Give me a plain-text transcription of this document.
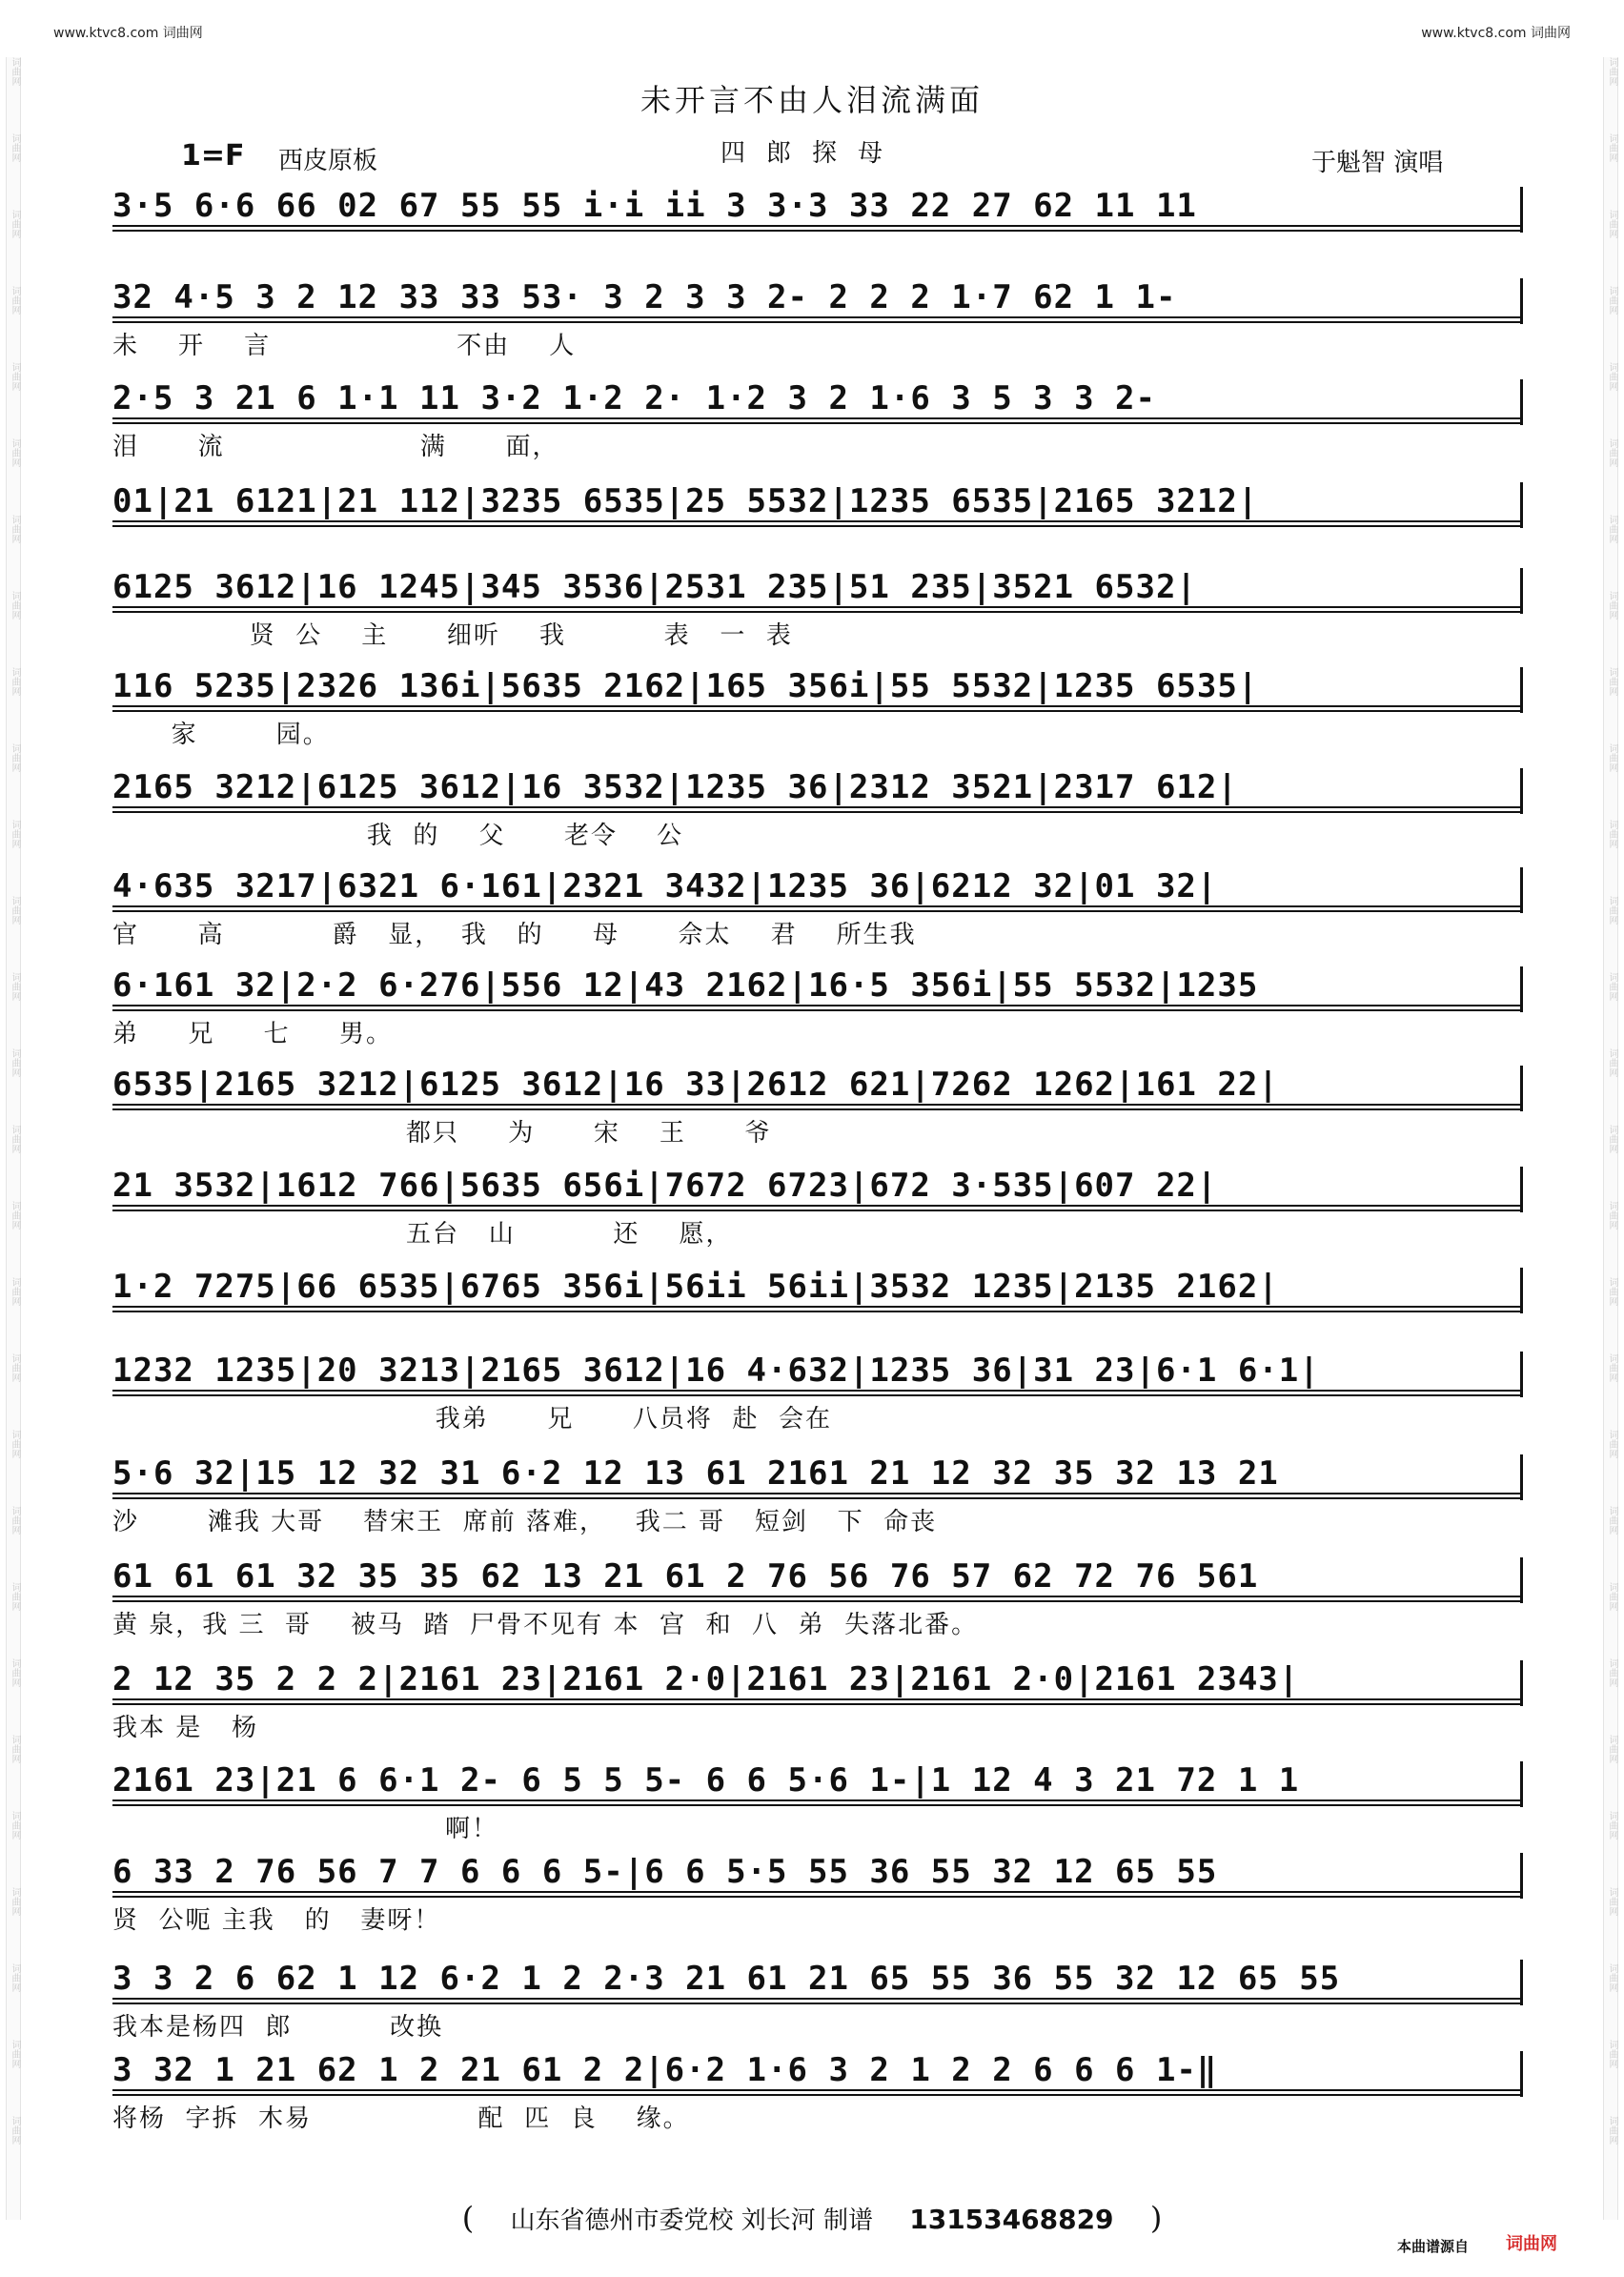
词曲网
词曲网
词曲网
词曲网
词曲网
词曲网
词曲网
词曲网
词曲网
词曲网
词曲网
词曲网
词曲网
词曲网
词曲网
词曲网
词曲网
词曲网
词曲网
词曲网
词曲网
词曲网
词曲网
词曲网
词曲网
词曲网
词曲网
词曲网
词曲网
词曲网
词曲网
词曲网
词曲网
词曲网
词曲网
词曲网
词曲网
词曲网
词曲网
词曲网
词曲网
词曲网
词曲网
词曲网
词曲网
词曲网
词曲网
词曲网
词曲网
词曲网
词曲网
词曲网
词曲网
词曲网
词曲网
词曲网
www.ktvc8.com 词曲网	www.ktvc8.com 词曲网
未开言不由人泪流满面
1=F 西皮原板	四郎探母	于魁智 演唱
3·5 6·6 66 02 67 55 55 i·i ii 3 3·3 33 22 27 62 11 11
32 4·5 3 2 12 33 33 53· 3 2 3 3 2- 2 2 2 1·7 62 1 1-
未    开    言                   不由    人
2·5 3 21 6 1·1 11 3·2 1·2 2· 1·2 3 2 1·6 3 5 3 3 2-
泪      流                    满      面，
01|21 6121|21 112|3235 6535|25 5532|1235 6535|2165 3212|
6125 3612|16 1245|345 3536|2531 235|51 235|3521 6532|
贤  公    主      细听    我          表   一  表
116 5235|2326 136i|5635 2162|165 356i|55 5532|1235 6535|
家        园。
2165 3212|6125 3612|16 3532|1235 36|2312 3521|2317 612|
我  的    父      老令    公
4·635 3217|6321 6·161|2321 3432|1235 36|6212 32|01 32|
官      高           爵   显，  我   的     母      佘太    君    所生我
6·161 32|2·2 6·276|556 12|43 2162|16·5 356i|55 5532|1235
弟     兄     七     男。
6535|2165 3212|6125 3612|16 33|2612 621|7262 1262|161 22|
都只     为      宋    王      爷
21 3532|1612 766|5635 656i|7672 6723|672 3·535|607 22|
五台   山          还    愿，
1·2 7275|66 6535|6765 356i|56ii 56ii|3532 1235|2135 2162|
1232 1235|20 3213|2165 3612|16 4·632|1235 36|31 23|6·1 6·1|
我弟      兄      八员将  赴  会在
5·6 32|15 12 32 31 6·2 12 13 61 2161 21 12 32 35 32 13 21
沙       滩我 大哥    替宋王  席前 落难，   我二 哥   短剑   下  命丧
61 61 61 32 35 35 62 13 21 61 2 76 56 76 57 62 72 76 561
黄 泉，我 三  哥    被马  踏  尸骨不见有 本  宫  和  八  弟  失落北番。
2 12 35 2 2 2|2161 23|2161 2·0|2161 23|2161 2·0|2161 2343|
我本 是   杨
2161 23|21 6 6·1 2- 6 5 5 5- 6 6 5·6 1-|1 12 4 3 21 72 1 1
啊！
6 33 2 76 56 7 7 6 6 6 5-|6 6 5·5 55 36 55 32 12 65 55
贤  公呃 主我   的   妻呀！
3 3 2 6 62 1 12 6·2 1 2 2·3 21 61 21 65 55 36 55 32 12 65 55
我本是杨四  郎          改换
3 32 1 21 62 1 2 21 61 2 2|6·2 1·6 3 2 1 2 2 6 6 6 1-‖
将杨  字拆  木易                 配  匹  良    缘。
( 山东省德州市委党校 刘长河 制谱 13153468829 )
本曲谱源自 词曲网
